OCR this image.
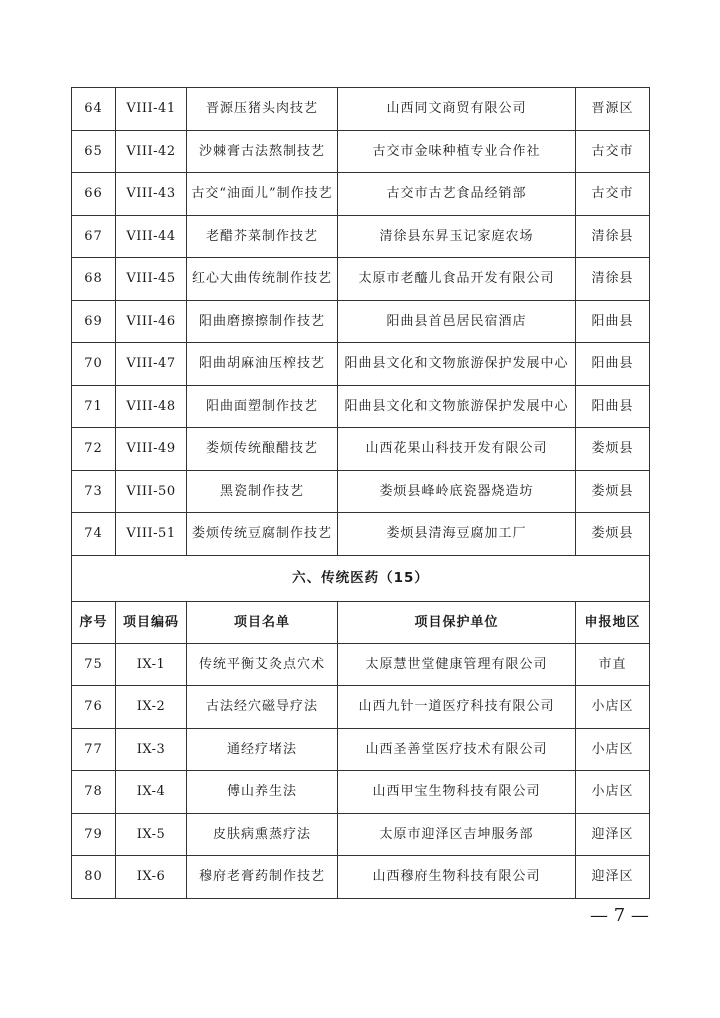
64	VIII-41	晋源压猪头肉技艺	山西同文商贸有限公司	晋源区
65	VIII-42	沙棘膏古法熬制技艺	古交市金味种植专业合作社	古交市
66	VIII-43	古交“油面儿”制作技艺	古交市古艺食品经销部	古交市
67	VIII-44	老醋芥菜制作技艺	清徐县东昇玉记家庭农场	清徐县
68	VIII-45	红心大曲传统制作技艺	太原市老醯儿食品开发有限公司	清徐县
69	VIII-46	阳曲磨擦擦制作技艺	阳曲县首邑居民宿酒店	阳曲县
70	VIII-47	阳曲胡麻油压榨技艺	阳曲县文化和文物旅游保护发展中心	阳曲县
71	VIII-48	阳曲面塑制作技艺	阳曲县文化和文物旅游保护发展中心	阳曲县
72	VIII-49	娄烦传统酿醋技艺	山西花果山科技开发有限公司	娄烦县
73	VIII-50	黑瓷制作技艺	娄烦县峰岭底瓷器烧造坊	娄烦县
74	VIII-51	娄烦传统豆腐制作技艺	娄烦县清海豆腐加工厂	娄烦县
六、传统医药（15）				
序号	项目编码	项目名单	项目保护单位	申报地区
75	IX-1	传统平衡艾灸点穴术	太原慧世堂健康管理有限公司	市直
76	IX-2	古法经穴磁导疗法	山西九针一道医疗科技有限公司	小店区
77	IX-3	通经疗堵法	山西圣善堂医疗技术有限公司	小店区
78	IX-4	傅山养生法	山西甲宝生物科技有限公司	小店区
79	IX-5	皮肤病熏蒸疗法	太原市迎泽区吉坤服务部	迎泽区
80	IX-6	穆府老膏药制作技艺	山西穆府生物科技有限公司	迎泽区
— 7 —
